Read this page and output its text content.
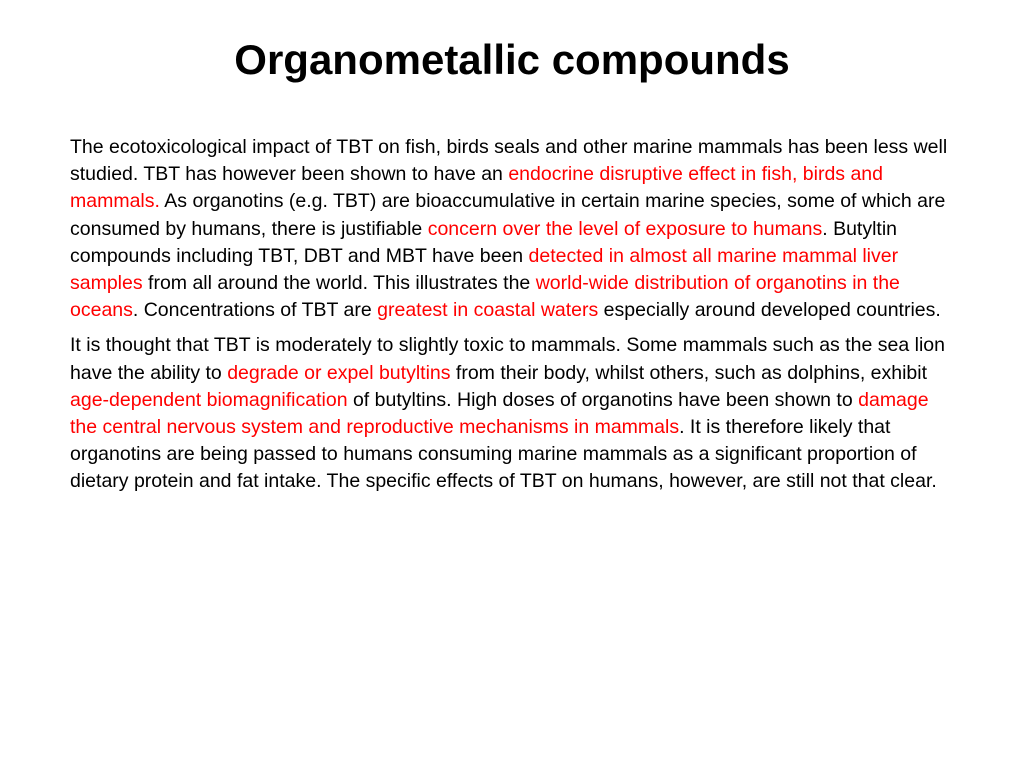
Organometallic compounds

The ecotoxicological impact of TBT on fish, birds seals and other marine mammals has been less well studied. TBT has however been shown to have an endocrine disruptive effect in fish, birds and mammals. As organotins (e.g. TBT) are bioaccumulative in certain marine species, some of which are consumed by humans, there is justifiable concern over the level of exposure to humans. Butyltin compounds including TBT, DBT and MBT have been detected in almost all marine mammal liver samples from all around the world. This illustrates the world-wide distribution of organotins in the oceans. Concentrations of TBT are greatest in coastal waters especially around developed countries.

It is thought that TBT is moderately to slightly toxic to mammals. Some mammals such as the sea lion have the ability to degrade or expel butyltins from their body, whilst others, such as dolphins, exhibit age-dependent biomagnification of butyltins. High doses of organotins have been shown to damage the central nervous system and reproductive mechanisms in mammals. It is therefore likely that organotins are being passed to humans consuming marine mammals as a significant proportion of dietary protein and fat intake. The specific effects of TBT on humans, however, are still not that clear.
